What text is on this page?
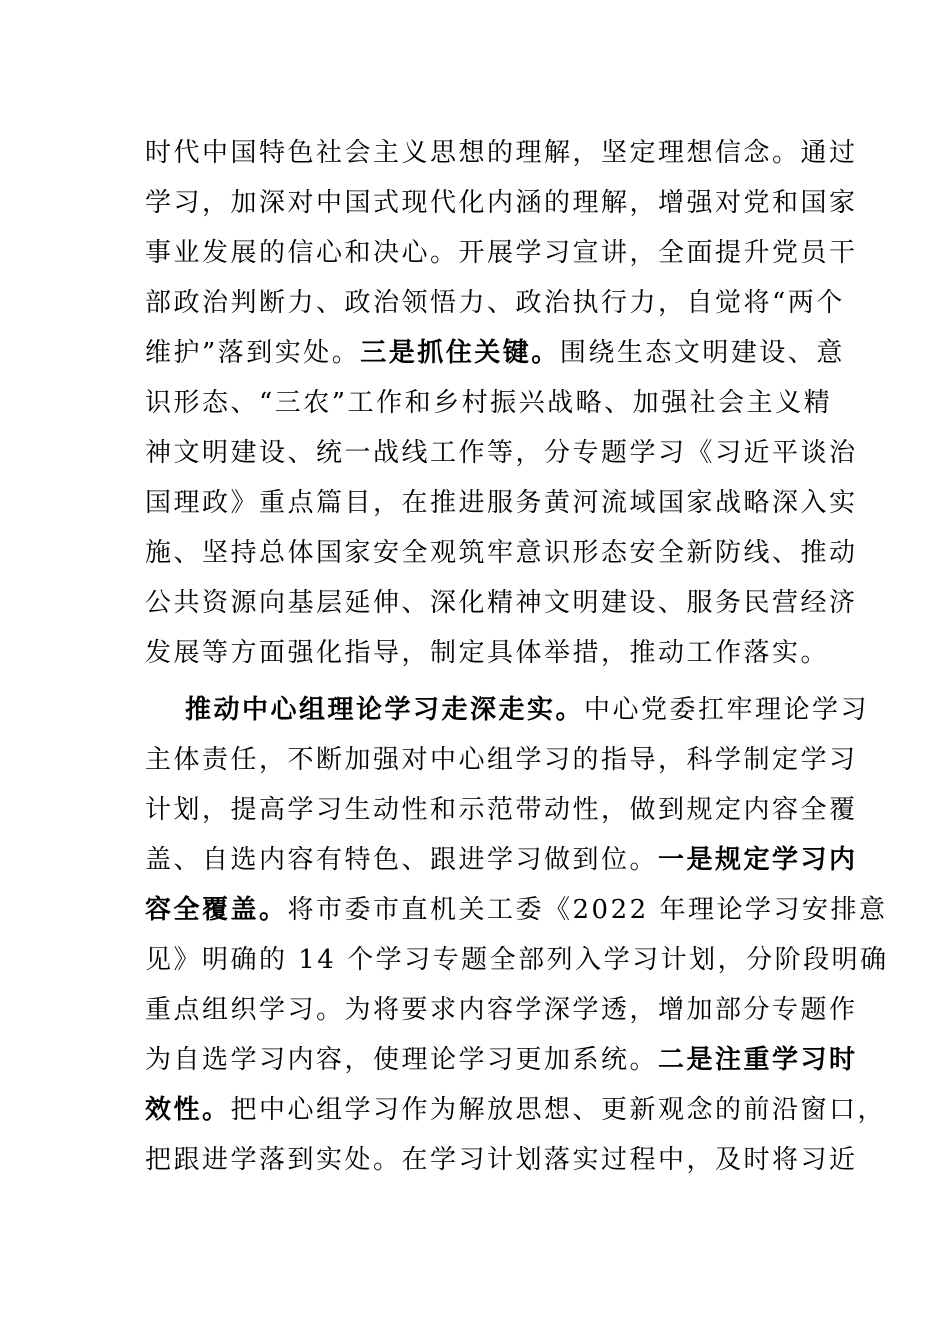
时代中国特色社会主义思想的理解，坚定理想信念。通过

学习，加深对中国式现代化内涵的理解，增强对党和国家

事业发展的信心和决心。开展学习宣讲，全面提升党员干

部政治判断力、政治领悟力、政治执行力，自觉将“两个

维护”落到实处。三是抓住关键。围绕生态文明建设、意

识形态、“三农”工作和乡村振兴战略、加强社会主义精

神文明建设、统一战线工作等，分专题学习《习近平谈治

国理政》重点篇目，在推进服务黄河流域国家战略深入实

施、坚持总体国家安全观筑牢意识形态安全新防线、推动

公共资源向基层延伸、深化精神文明建设、服务民营经济

发展等方面强化指导，制定具体举措，推动工作落实。

推动中心组理论学习走深走实。中心党委扛牢理论学习

主体责任，不断加强对中心组学习的指导，科学制定学习

计划，提高学习生动性和示范带动性，做到规定内容全覆

盖、自选内容有特色、跟进学习做到位。一是规定学习内

容全覆盖。将市委市直机关工委《2022 年理论学习安排意

见》明确的 14 个学习专题全部列入学习计划，分阶段明确

重点组织学习。为将要求内容学深学透，增加部分专题作

为自选学习内容，使理论学习更加系统。二是注重学习时

效性。把中心组学习作为解放思想、更新观念的前沿窗口，

把跟进学落到实处。在学习计划落实过程中，及时将习近
